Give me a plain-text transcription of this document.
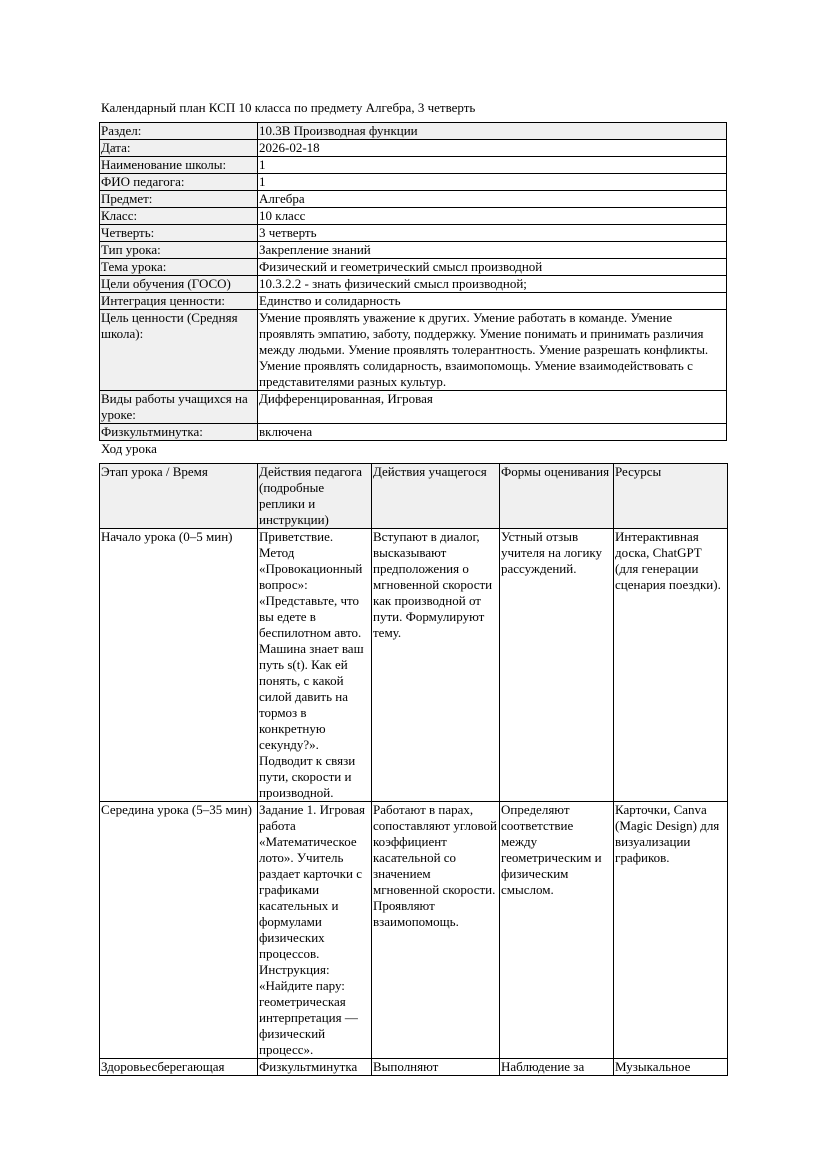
Календарный план КСП 10 класса по предмету Алгебра, 3 четверть
Раздел:	10.3В Производная функции
Дата:	2026-02-18
Наименование школы:	1
ФИО педагога:	1
Предмет:	Алгебра
Класс:	10 класс
Четверть:	3 четверть
Тип урока:	Закрепление знаний
Тема урока:	Физический и геометрический смысл производной
Цели обучения (ГОСО)	10.3.2.2 - знать физический смысл производной;
Интеграция ценности:	Единство и солидарность
Цель ценности (Средняя школа):	Умение проявлять уважение к других. Умение работать в команде. Умение проявлять эмпатию, заботу, поддержку. Умение понимать и принимать различия между людьми. Умение проявлять толерантность. Умение разрешать конфликты. Умение проявлять солидарность, взаимопомощь. Умение взаимодействовать с представителями разных культур.
Виды работы учащихся на уроке:	Дифференцированная, Игровая
Физкультминутка:	включена
Ход урока
Этап урока / Время	Действия педагога (подробные реплики и инструкции)	Действия учащегося	Формы оценивания	Ресурсы
Начало урока (0–5 мин)	Приветствие. Метод «Провокационный вопрос»: «Представьте, что вы едете в беспилотном авто. Машина знает ваш путь s(t). Как ей понять, с какой силой давить на тормоз в конкретную секунду?». Подводит к связи пути, скорости и производной.	Вступают в диалог, высказывают предположения о мгновенной скорости как производной от пути. Формулируют тему.	Устный отзыв учителя на логику рассуждений.	Интерактивная доска, ChatGPT (для генерации сценария поездки).
Середина урока (5–35 мин)	Задание 1. Игровая работа «Математическое лото». Учитель раздает карточки с графиками касательных и формулами физических процессов. Инструкция: «Найдите пару: геометрическая интерпретация — физический процесс».	Работают в парах, сопоставляют угловой коэффициент касательной со значением мгновенной скорости. Проявляют взаимопомощь.	Определяют соответствие между геометрическим и физическим смыслом.	Карточки, Canva (Magic Design) для визуализации графиков.
Здоровьесберегающая	Физкультминутка	Выполняют	Наблюдение за	Музыкальное
